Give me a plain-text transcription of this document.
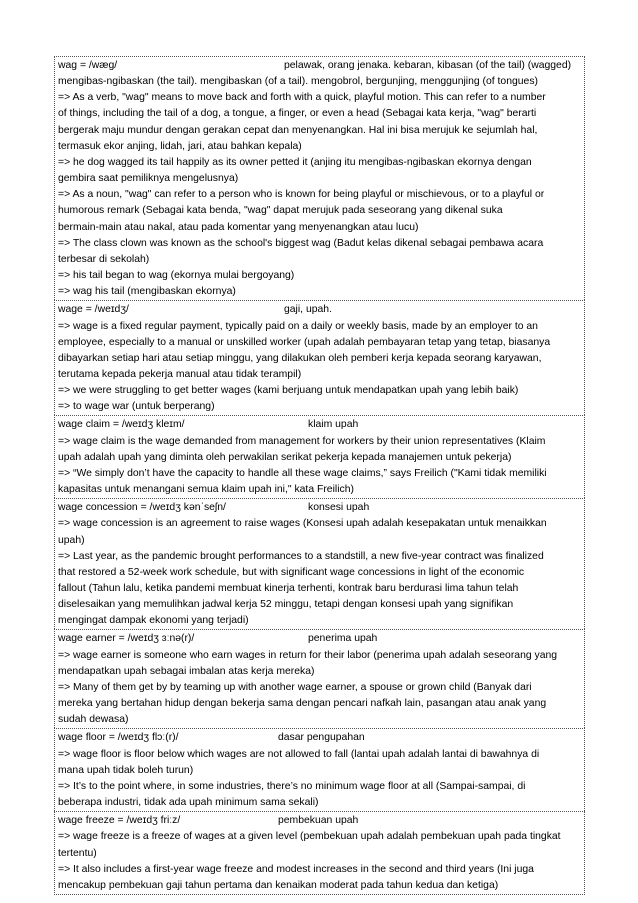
wag = /wæg/	pelawak, orang jenaka. kebaran, kibasan (of the tail) (wagged)
mengibas-ngibaskan (the tail). mengibaskan (of a tail). mengobrol, bergunjing, menggunjing (of tongues)
=> As a verb, "wag" means to move back and forth with a quick, playful motion. This can refer to a number
of things, including the tail of a dog, a tongue, a finger, or even a head (Sebagai kata kerja, "wag" berarti
bergerak maju mundur dengan gerakan cepat dan menyenangkan. Hal ini bisa merujuk ke sejumlah hal,
termasuk ekor anjing, lidah, jari, atau bahkan kepala)
=> he dog wagged its tail happily as its owner petted it (anjing itu mengibas-ngibaskan ekornya dengan
gembira saat pemiliknya mengelusnya)
=> As a noun, "wag" can refer to a person who is known for being playful or mischievous, or to a playful or
humorous remark (Sebagai kata benda, "wag" dapat merujuk pada seseorang yang dikenal suka
bermain-main atau nakal, atau pada komentar yang menyenangkan atau lucu)
=> The class clown was known as the school's biggest wag (Badut kelas dikenal sebagai pembawa acara
terbesar di sekolah)
=> his tail began to wag (ekornya mulai bergoyang)
=> wag his tail (mengibaskan ekornya)
wage = /weɪdʒ/	gaji, upah.
=> wage is a fixed regular payment, typically paid on a daily or weekly basis, made by an employer to an
employee, especially to a manual or unskilled worker (upah adalah pembayaran tetap yang tetap, biasanya
dibayarkan setiap hari atau setiap minggu, yang dilakukan oleh pemberi kerja kepada seorang karyawan,
terutama kepada pekerja manual atau tidak terampil)
=> we were struggling to get better wages (kami berjuang untuk mendapatkan upah yang lebih baik)
=> to wage war (untuk berperang)
wage claim = /weɪdʒ kleɪm/	klaim upah
=> wage claim is the wage demanded from management for workers by their union representatives (Klaim
upah adalah upah yang diminta oleh perwakilan serikat pekerja kepada manajemen untuk pekerja)
=> “We simply don’t have the capacity to handle all these wage claims,” says Freilich ("Kami tidak memiliki
kapasitas untuk menangani semua klaim upah ini," kata Freilich)
wage concession = /weɪdʒ kənˈseʃn/	konsesi upah
=> wage concession is an agreement to raise wages (Konsesi upah adalah kesepakatan untuk menaikkan
upah)
=> Last year, as the pandemic brought performances to a standstill, a new five-year contract was finalized
that restored a 52-week work schedule, but with significant wage concessions in light of the economic
fallout (Tahun lalu, ketika pandemi membuat kinerja terhenti, kontrak baru berdurasi lima tahun telah
diselesaikan yang memulihkan jadwal kerja 52 minggu, tetapi dengan konsesi upah yang signifikan
mengingat dampak ekonomi yang terjadi)
wage earner = /weɪdʒ ɜːnə(r)/	penerima upah
=> wage earner is someone who earn wages in return for their labor (penerima upah adalah seseorang yang
mendapatkan upah sebagai imbalan atas kerja mereka)
=> Many of them get by by teaming up with another wage earner, a spouse or grown child (Banyak dari
mereka yang bertahan hidup dengan bekerja sama dengan pencari nafkah lain, pasangan atau anak yang
sudah dewasa)
wage floor = /weɪdʒ flɔː(r)/	dasar pengupahan
=> wage floor is floor below which wages are not allowed to fall (lantai upah adalah lantai di bawahnya di
mana upah tidak boleh turun)
=> It’s to the point where, in some industries, there’s no minimum wage floor at all (Sampai-sampai, di
beberapa industri, tidak ada upah minimum sama sekali)
wage freeze = /weɪdʒ friːz/	pembekuan upah
=> wage freeze is a freeze of wages at a given level (pembekuan upah adalah pembekuan upah pada tingkat
tertentu)
=> It also includes a first-year wage freeze and modest increases in the second and third years (Ini juga
mencakup pembekuan gaji tahun pertama dan kenaikan moderat pada tahun kedua dan ketiga)
